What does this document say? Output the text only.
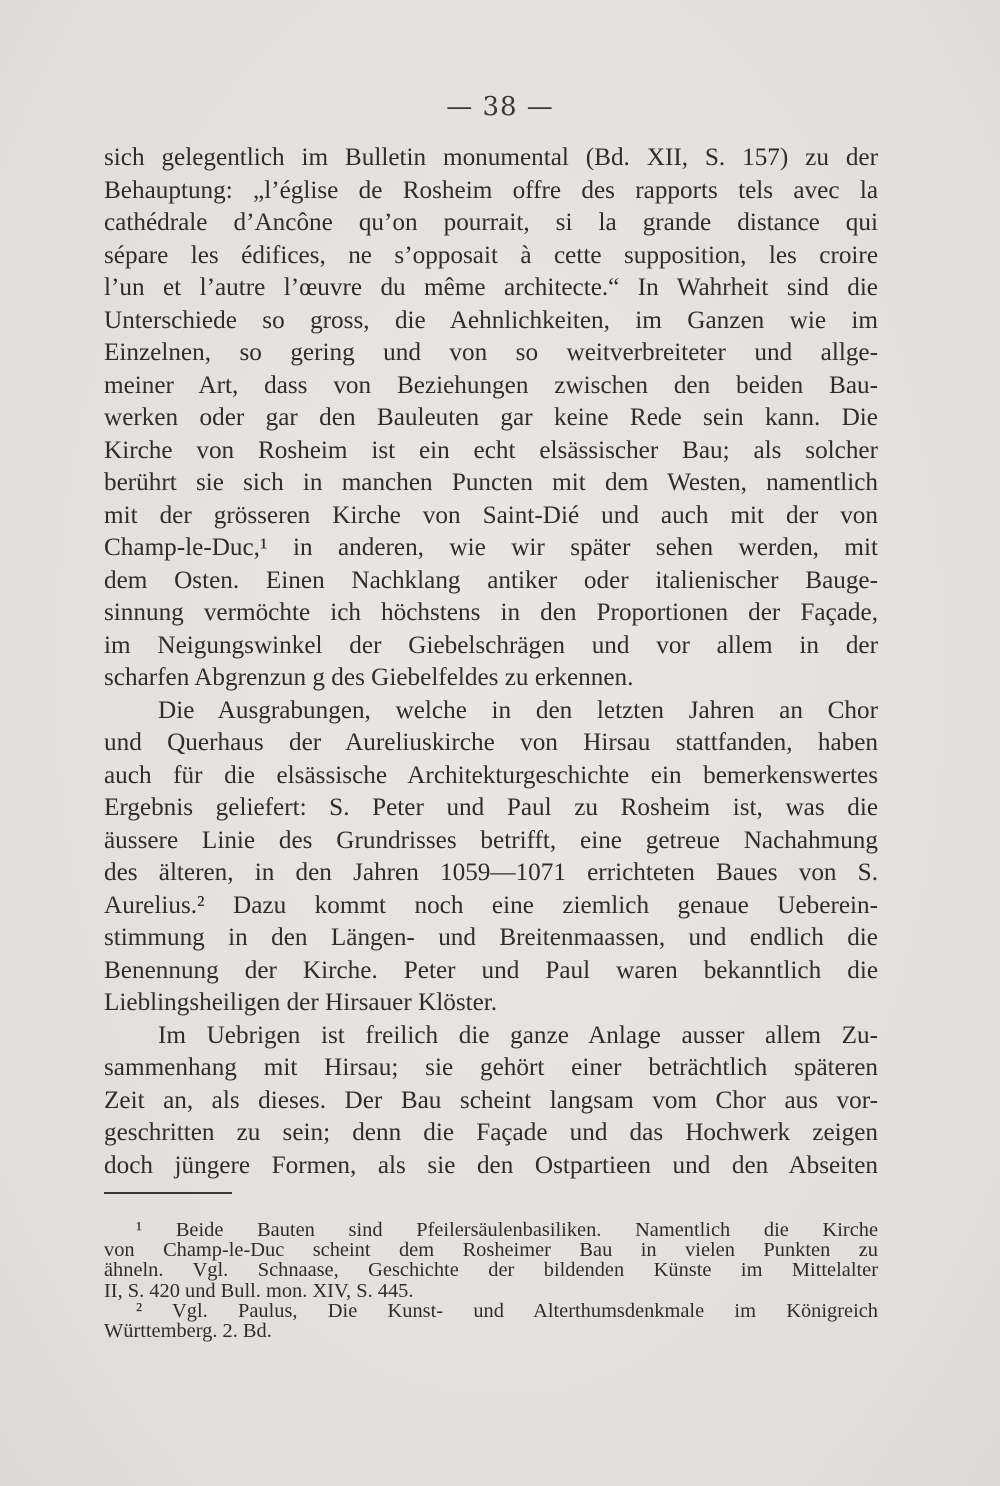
— 38 —
sich gelegentlich im Bulletin monumental (Bd. XII, S. 157) zu der
Behauptung: „l’église de Rosheim offre des rapports tels avec la
cathédrale d’Ancône qu’on pourrait, si la grande distance qui
sépare les édifices, ne s’opposait à cette supposition, les croire
l’un et l’autre l’œuvre du même architecte.“ In Wahrheit sind die
Unterschiede so gross, die Aehnlichkeiten, im Ganzen wie im
Einzelnen, so gering und von so weitverbreiteter und allge-
meiner Art, dass von Beziehungen zwischen den beiden Bau-
werken oder gar den Bauleuten gar keine Rede sein kann. Die
Kirche von Rosheim ist ein echt elsässischer Bau; als solcher
berührt sie sich in manchen Puncten mit dem Westen, namentlich
mit der grösseren Kirche von Saint-Dié und auch mit der von
Champ-le-Duc,¹ in anderen, wie wir später sehen werden, mit
dem Osten. Einen Nachklang antiker oder italienischer Bauge-
sinnung vermöchte ich höchstens in den Proportionen der Façade,
im Neigungswinkel der Giebelschrägen und vor allem in der
scharfen Abgrenzun g des Giebelfeldes zu erkennen.
Die Ausgrabungen, welche in den letzten Jahren an Chor
und Querhaus der Aureliuskirche von Hirsau stattfanden, haben
auch für die elsässische Architekturgeschichte ein bemerkenswertes
Ergebnis geliefert: S. Peter und Paul zu Rosheim ist, was die
äussere Linie des Grundrisses betrifft, eine getreue Nachahmung
des älteren, in den Jahren 1059—1071 errichteten Baues von S.
Aurelius.² Dazu kommt noch eine ziemlich genaue Uebereіn-
stimmung in den Längen- und Breitenmaassen, und endlich die
Benennung der Kirche. Peter und Paul waren bekanntlich die
Lieblingsheiligen der Hirsauer Klöster.
Im Uebrigen ist freilich die ganze Anlage ausser allem Zu-
sammenhang mit Hirsau; sie gehört einer beträchtlich späteren
Zeit an, als dieses. Der Bau scheint langsam vom Chor aus vor-
geschritten zu sein; denn die Façade und das Hochwerk zeigen
doch jüngere Formen, als sie den Ostpartieen und den Abseiten
¹ Beide Bauten sind Pfeilersäulenbasiliken. Namentlich die Kirche
von Champ-le-Duc scheint dem Rosheimer Bau in vielen Punkten zu
ähneln. Vgl. Schnaase, Geschichte der bildenden Künste im Mittelalter
II, S. 420 und Bull. mon. XIV, S. 445.
² Vgl. Paulus, Die Kunst- und Alterthumsdenkmale im Königreich
Württemberg. 2. Bd.
